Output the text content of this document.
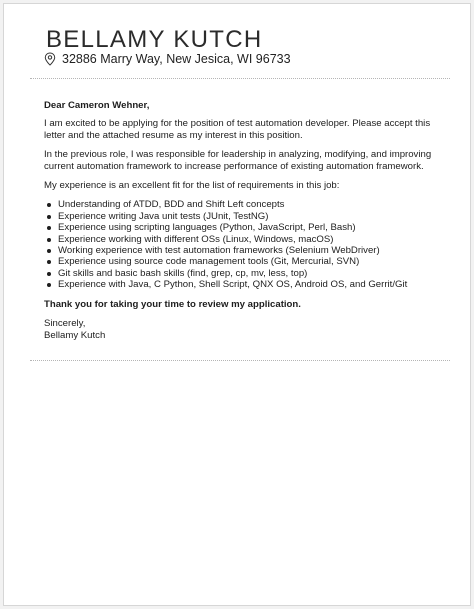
BELLAMY KUTCH
32886 Marry Way, New Jesica, WI 96733

Dear Cameron Wehner,

I am excited to be applying for the position of test automation developer. Please accept this letter and the attached resume as my interest in this position.

In the previous role, I was responsible for leadership in analyzing, modifying, and improving current automation framework to increase performance of existing automation framework.

My experience is an excellent fit for the list of requirements in this job:

Understanding of ATDD, BDD and Shift Left concepts
Experience writing Java unit tests (JUnit, TestNG)
Experience using scripting languages (Python, JavaScript, Perl, Bash)
Experience working with different OSs (Linux, Windows, macOS)
Working experience with test automation frameworks (Selenium WebDriver)
Experience using source code management tools (Git, Mercurial, SVN)
Git skills and basic bash skills (find, grep, cp, mv, less, top)
Experience with Java, C Python, Shell Script, QNX OS, Android OS, and Gerrit/Git

Thank you for taking your time to review my application.

Sincerely,

Bellamy Kutch
